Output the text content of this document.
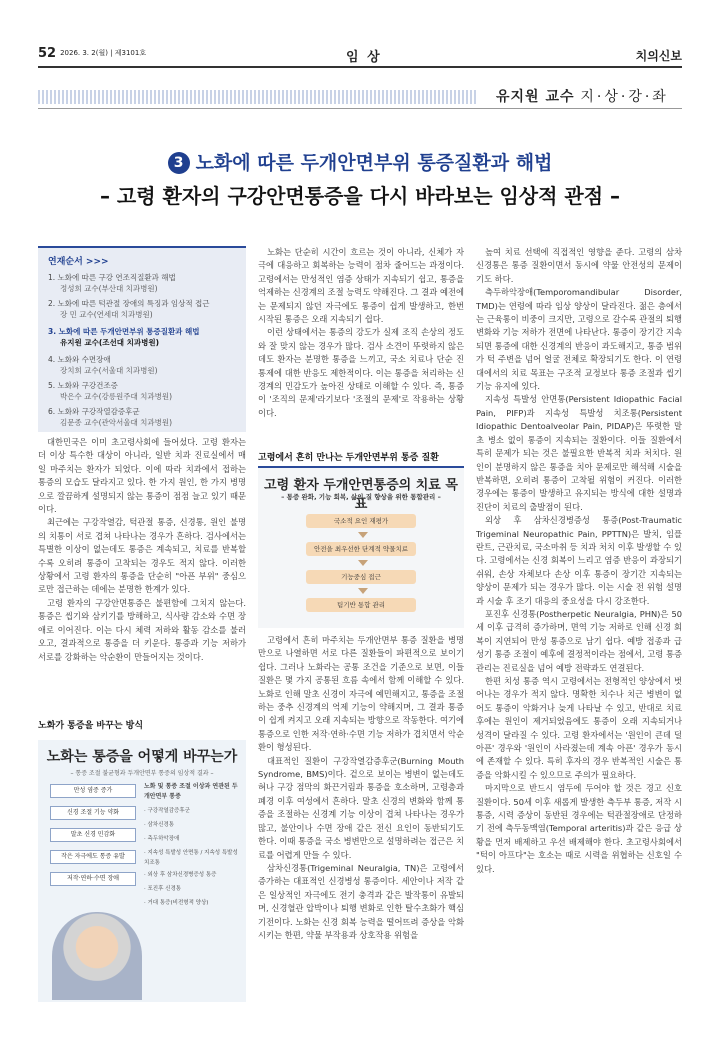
52 2026. 3. 2(월) | 제3101호	임 상	치의신보
유지원 교수 지·상·강·좌
3 노화에 따른 두개안면부위 통증질환과 해법
– 고령 환자의 구강안면통증을 다시 바라보는 임상적 관점 –
연재순서 >>>
1. 노화에 따른 구강 연조직질환과 해법
정성희 교수(부산대 치과병원)
2. 노화에 따른 턱관절 장애의 특징과 임상적 접근
장 민 교수(연세대 치과병원)
3. 노화에 따른 두개안면부위 통증질환과 해법
유지원 교수(조선대 치과병원)
4. 노화와 수면장애
장치희 교수(서울대 치과병원)
5. 노화와 구강건조증
박은수 교수(강릉원주대 치과병원)
6. 노화와 구강작열감증후군
김문종 교수(관악서울대 치과병원)

대한민국은 이미 초고령사회에 들어섰다. 고령 환자는 더 이상 특수한 대상이 아니라, 일반 치과 진료실에서 매일 마주치는 환자가 되었다. 이에 따라 치과에서 접하는 통증의 모습도 달라지고 있다. 한 가지 원인, 한 가지 병명으로 깔끔하게 설명되지 않는 통증이 점점 늘고 있기 때문이다.

최근에는 구강작열감, 턱관절 통증, 신경통, 원인 불명의 치통이 서로 겹쳐 나타나는 경우가 흔하다. 검사에서는 특별한 이상이 없는데도 통증은 계속되고, 치료를 반복할수록 오히려 통증이 고착되는 경우도 적지 않다. 이러한 상황에서 고령 환자의 통증을 단순히 "아픈 부위" 중심으로만 접근하는 데에는 분명한 한계가 있다.

고령 환자의 구강안면통증은 불편함에 그치지 않는다. 통증은 씹기와 삼키기를 방해하고, 식사량 감소와 수면 장애로 이어진다. 이는 다시 체력 저하와 활동 감소를 불러오고, 결과적으로 통증을 더 키운다. 통증과 기능 저하가 서로를 강화하는 악순환이 만들어지는 것이다.

노화가 통증을 바꾸는 방식
노화는 통증을 어떻게 바꾸는가
– 통증 조절 불균형과 두개안면부 통증의 임상적 결과 –
만성 염증 증가
신경 조절 기능 약화
말초 신경 민감화
작은 자극에도 통증 유발
저작·연하·수면 장애
노화 및 통증 조절 이상과 연관된 두개안면부 통증
· 구강작열감증후군
· 삼차신경통
· 측두하악장애
· 지속성 특발성 안면통 / 지속성 특발성 치조통
· 외상 후 삼차신경병증성 통증
· 포진후 신경통
· 거대 통증(비전형적 양상)

노화는 단순히 시간이 흐르는 것이 아니라, 신체가 자극에 대응하고 회복하는 능력이 점차 줄어드는 과정이다. 고령에서는 만성적인 염증 상태가 지속되기 쉽고, 통증을 억제하는 신경계의 조절 능력도 약해진다. 그 결과 예전에는 문제되지 않던 자극에도 통증이 쉽게 발생하고, 한번 시작된 통증은 오래 지속되기 쉽다.

이런 상태에서는 통증의 강도가 실제 조직 손상의 정도와 잘 맞지 않는 경우가 많다. 검사 소견이 뚜렷하지 않은데도 환자는 분명한 통증을 느끼고, 국소 치료나 단순 진통제에 대한 반응도 제한적이다. 이는 통증을 처리하는 신경계의 민감도가 높아진 상태로 이해할 수 있다. 즉, 통증이 '조직의 문제'라기보다 '조절의 문제'로 작용하는 상황이다.

고령에서 흔히 만나는 두개안면부위 통증 질환
고령 환자 두개안면통증의 치료 목표
– 통증 완화, 기능 회복, 삶의 질 향상을 위한 통합관리 –
국소적 요인 재평가
안전을 최우선한 단계적 약물치료
기능중심 접근
팀기반 통합 관리

고령에서 흔히 마주치는 두개안면부 통증 질환을 병명만으로 나열하면 서로 다른 질환들이 파편적으로 보이기 쉽다. 그러나 노화라는 공통 조건을 기준으로 보면, 이들 질환은 몇 가지 공통된 흐름 속에서 함께 이해할 수 있다. 노화로 인해 말초 신경이 자극에 예민해지고, 통증을 조절하는 중추 신경계의 억제 기능이 약해지며, 그 결과 통증이 쉽게 켜지고 오래 지속되는 방향으로 작동한다. 여기에 통증으로 인한 저작·연하·수면 기능 저하가 겹치면서 악순환이 형성된다.

대표적인 질환이 구강작열감증후군(Burning Mouth Syndrome, BMS)이다. 겉으로 보이는 병변이 없는데도 혀나 구강 점막의 화끈거림과 통증을 호소하며, 고령층과 폐경 이후 여성에서 흔하다. 말초 신경의 변화와 함께 통증을 조절하는 신경계 기능 이상이 겹쳐 나타나는 경우가 많고, 불안이나 수면 장애 같은 전신 요인이 동반되기도 한다. 이때 통증을 국소 병변만으로 설명하려는 접근은 치료를 어렵게 만들 수 있다.

삼차신경통(Trigeminal Neuralgia, TN)은 고령에서 증가하는 대표적인 신경병성 통증이다. 세안이나 저작 같은 일상적인 자극에도 전기 충격과 같은 발작통이 유발되며, 신경혈관 압박이나 퇴행 변화로 인한 탈수초화가 핵심 기전이다. 노화는 신경 회복 능력을 떨어뜨려 증상을 악화시키는 한편, 약물 부작용과 상호작용 위험을

높여 치료 선택에 직접적인 영향을 준다. 고령의 삼차신경통은 통증 질환이면서 동시에 약물 안전성의 문제이기도 하다.

측두하악장애(Temporomandibular Disorder, TMD)는 연령에 따라 임상 양상이 달라진다. 젊은 층에서는 근육통이 비중이 크지만, 고령으로 갈수록 관절의 퇴행 변화와 기능 저하가 전면에 나타난다. 통증이 장기간 지속되면 통증에 대한 신경계의 반응이 과도해지고, 통증 범위가 턱 주변을 넘어 얼굴 전체로 확장되기도 한다. 이 연령대에서의 치료 목표는 구조적 교정보다 통증 조절과 씹기 기능 유지에 있다.

지속성 특발성 안면통(Persistent Idiopathic Facial Pain, PIFP)과 지속성 특발성 치조통(Persistent Idiopathic Dentoalveolar Pain, PIDAP)은 뚜렷한 말초 병소 없이 통증이 지속되는 질환이다. 이들 질환에서 특히 문제가 되는 것은 불필요한 반복적 치과 처치다. 원인이 분명하지 않은 통증을 치아 문제로만 해석해 시술을 반복하면, 오히려 통증이 고착될 위험이 커진다. 이러한 경우에는 통증이 발생하고 유지되는 방식에 대한 설명과 진단이 치료의 출발점이 된다.

외상 후 삼차신경병증성 통증(Post-Traumatic Trigeminal Neuropathic Pain, PPTTN)은 발치, 임플란트, 근관치료, 국소마취 등 치과 처치 이후 발생할 수 있다. 고령에서는 신경 회복이 느리고 염증 반응이 과장되기 쉬워, 손상 자체보다 손상 이후 통증이 장기간 지속되는 양상이 문제가 되는 경우가 많다. 이는 시술 전 위험 설명과 시술 후 조기 대응의 중요성을 다시 강조한다.

포진후 신경통(Postherpetic Neuralgia, PHN)은 50세 이후 급격히 증가하며, 면역 기능 저하로 인해 신경 회복이 지연되어 만성 통증으로 남기 쉽다. 예방 접종과 급성기 통증 조절이 예후에 결정적이라는 점에서, 고령 통증 관리는 진료실을 넘어 예방 전략과도 연결된다.

한편 치성 통증 역시 고령에서는 전형적인 양상에서 벗어나는 경우가 적지 않다. 명확한 치수나 치근 병변이 없어도 통증이 악화거나 늦게 나타날 수 있고, 반대로 치료 후에는 원인이 제거되었음에도 통증이 오래 지속되거나 성격이 달라질 수 있다. 고령 환자에서는 '원인이 큰데 덜 아픈' 경우와 '원인이 사라졌는데 계속 아픈' 경우가 동시에 존재할 수 있다. 특히 후자의 경우 반복적인 시술은 통증을 악화시킬 수 있으므로 주의가 필요하다.

마지막으로 반드시 염두에 두어야 할 것은 경고 신호 질환이다. 50세 이후 새롭게 발생한 측두부 통증, 저작 시 통증, 시력 증상이 동반된 경우에는 턱관절장애로 단정하기 전에 측두동맥염(Temporal arteritis)과 같은 응급 상황을 먼저 배제하고 우선 배제해야 한다. 초고령사회에서 "턱이 아프다"는 호소는 때로 시력을 위협하는 신호일 수 있다.
